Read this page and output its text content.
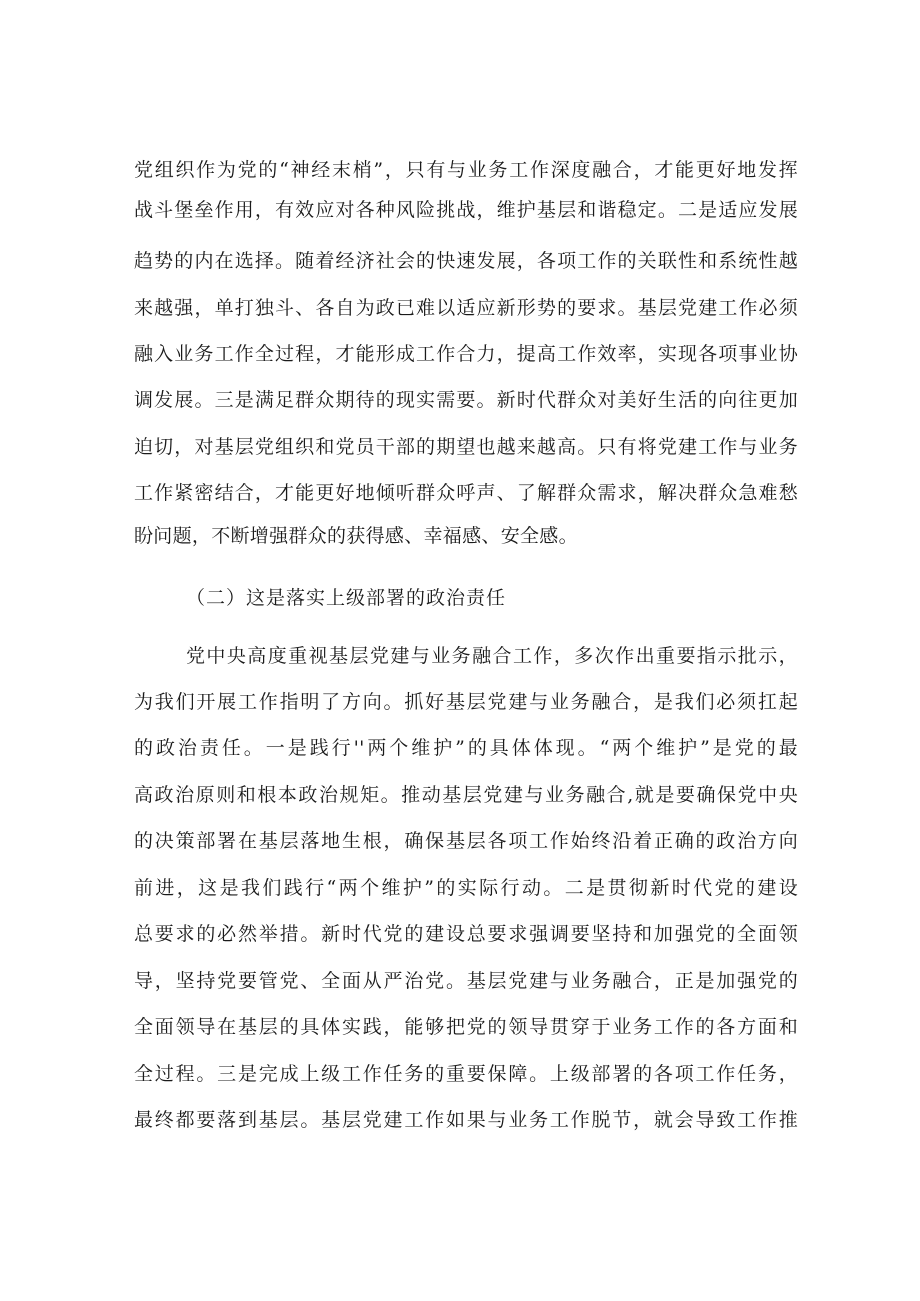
党组织作为党的“神经末梢”，只有与业务工作深度融合，才能更好地发挥
战斗堡垒作用，有效应对各种风险挑战，维护基层和谐稳定。二是适应发展
趋势的内在选择。随着经济社会的快速发展，各项工作的关联性和系统性越
来越强，单打独斗、各自为政已难以适应新形势的要求。基层党建工作必须
融入业务工作全过程，才能形成工作合力，提高工作效率，实现各项事业协
调发展。三是满足群众期待的现实需要。新时代群众对美好生活的向往更加
迫切，对基层党组织和党员干部的期望也越来越高。只有将党建工作与业务
工作紧密结合，才能更好地倾听群众呼声、了解群众需求，解决群众急难愁
盼问题，不断增强群众的获得感、幸福感、安全感。
（二）这是落实上级部署的政治责任
党中央高度重视基层党建与业务融合工作，多次作出重要指示批示，
为我们开展工作指明了方向。抓好基层党建与业务融合，是我们必须扛起
的政治责任。一是践行''两个维护”的具体体现。“两个维护”是党的最
高政治原则和根本政治规矩。推动基层党建与业务融合,就是要确保党中央
的决策部署在基层落地生根，确保基层各项工作始终沿着正确的政治方向
前进，这是我们践行“两个维护”的实际行动。二是贯彻新时代党的建设
总要求的必然举措。新时代党的建设总要求强调要坚持和加强党的全面领
导，坚持党要管党、全面从严治党。基层党建与业务融合，正是加强党的
全面领导在基层的具体实践，能够把党的领导贯穿于业务工作的各方面和
全过程。三是完成上级工作任务的重要保障。上级部署的各项工作任务，
最终都要落到基层。基层党建工作如果与业务工作脱节，就会导致工作推
